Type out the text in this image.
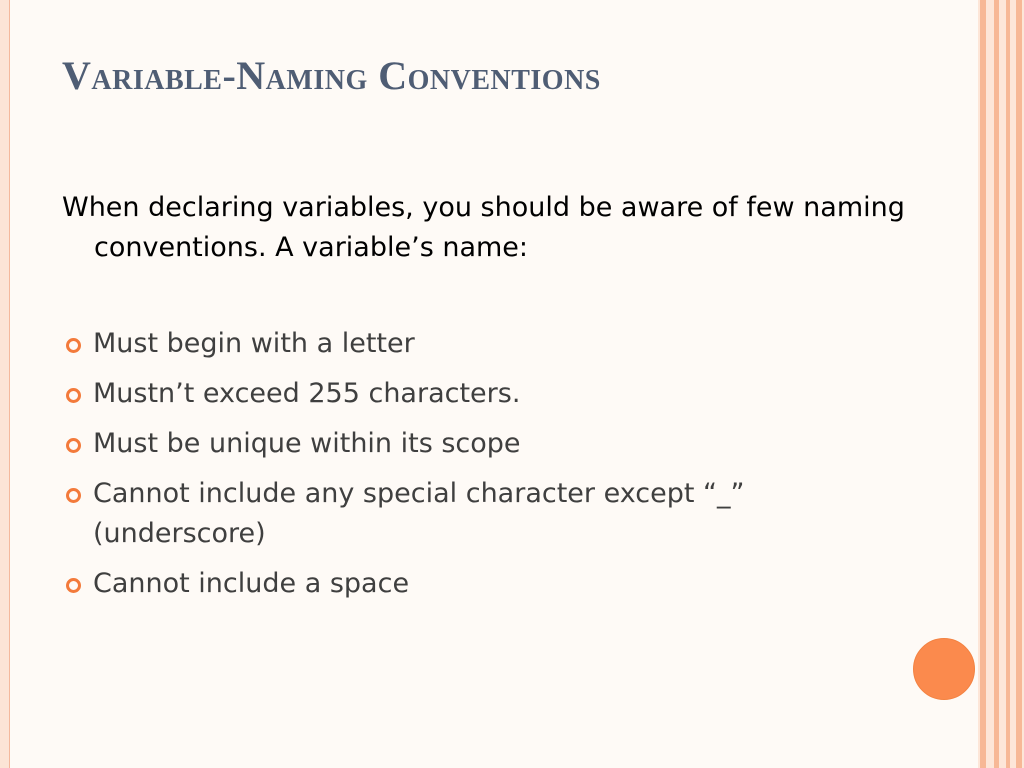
Variable-Naming Conventions

When declaring variables, you should be aware of few naming conventions. A variable’s name:

Must begin with a letter
Mustn’t exceed 255 characters.
Must be unique within its scope
Cannot include any special character except “_” (underscore)
Cannot include a space
